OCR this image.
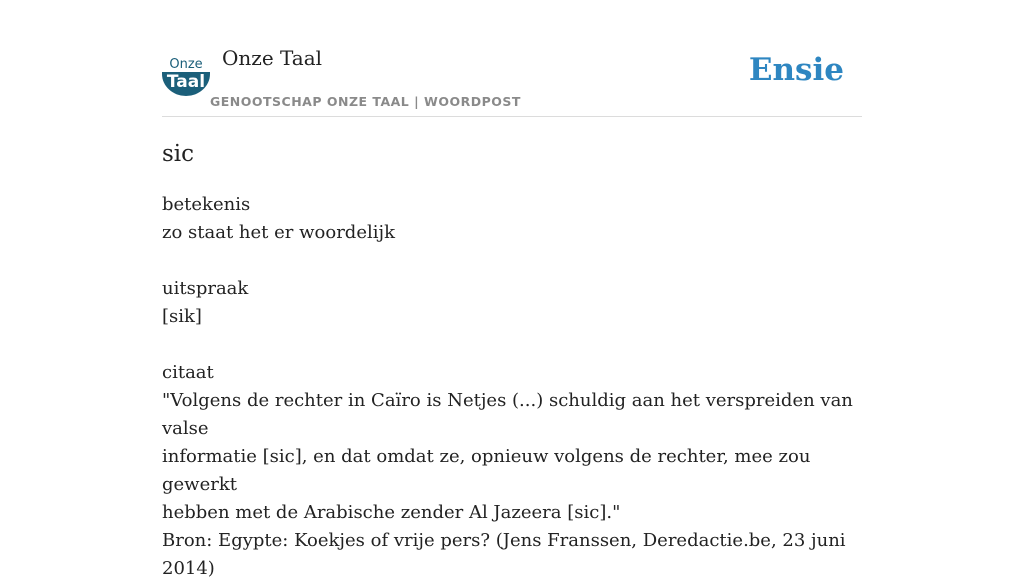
Onze
Taal
Onze Taal
GENOOTSCHAP ONZE TAAL | WOORDPOST
Ensie
sic

betekenis

zo staat het er woordelijk

uitspraak

[sik]

citaat

"Volgens de rechter in Caïro is Netjes (...) schuldig aan het verspreiden van valse

informatie [sic], en dat omdat ze, opnieuw volgens de rechter, mee zou gewerkt

hebben met de Arabische zender Al Jazeera [sic]."

Bron: Egypte: Koekjes of vrije pers? (Jens Franssen, Deredactie.be, 23 juni 2014)
